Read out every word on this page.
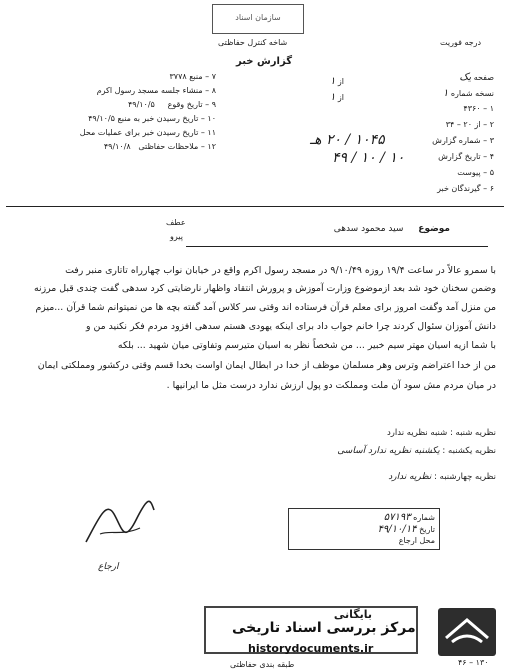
سازمان اسناد
شاخه کنترل حفاظتی
گزارش خبر
درجه فوریت
صفحه یک
نسخه شماره ۱
۱ – ۴۳۶۰
۲ – از ۲۰ – ۳۴
۳ – شماره گزارش
۴ – تاریخ گزارش
۵ – پیوست
۶ – گیرندگان خبر
۱۰۴۵ / ۲۰ هـ
۱۰ / ۱۰ / ۴۹
از ۱
از ۱
۷ – منبع ۳۷۷۸
۸ – منشاء جلسه مسجد رسول اکرم
۹ – تاریخ وقوع     ۴۹/۱۰/۵
۱۰ – تاریخ رسیدن خبر به منبع ۴۹/۱۰/۵
۱۱ – تاریخ رسیدن خبر برای عملیات محل
۱۲ – ملاحظات حفاظتی   ۴۹/۱۰/۸
موضوع سید محمود سدهی
عطف
پیرو
با سمرو عالاً در ساعت ۱۹/۴ روزه ۹/۱۰/۴۹ در مسجد رسول اکرم واقع در خیابان نواب چهارراه تاتاری منبر رفت
وضمن سخنان خود شد بعد ازموضوع وزارت آموزش و پرورش انتقاد واظهار نارضایتی کرد سدهی گفت چندی قبل مرزنه
من منزل آمد وگفت امروز برای معلم قرآن فرستاده اند وقتی سر کلاس آمد گفته بچه ها من نمیتوانم شما قرآن ...میزم
دانش آموزان سئوال کردند چرا خانم جواب داد برای اینکه یهودی هستم سدهی افزود مردم فکر نکنید من و
با شما ازیه اسیان مهتر سیم خبیر ... من شخصاً نظر به اسیان متیرسم وتفاوتی میان شهید ... بلکه
من از خدا اعتراضم وترس وهر مسلمان موظف از خدا در ابطال ایمان اواست بخدا قسم وقتی درکشور ومملکتی ایمان
در میان مردم مش سود آن ملت ومملکت دو پول ارزش ندارد درست مثل ما ایرانیها .
نظریه شنبه : شنبه نظریه ندارد
نظریه یکشنبه : یکشنبه نظریه ندارد آساسی
نظریه چهارشنبه : نظریه ندارد
شماره ۵۷۱۹۳
تاریخ ۴۹/۱۰/۱۴
محل ارجاع
ارجاع
بایگانی
مرکز بررسی اسناد تاریخی
historydocuments.ir
۴۶ – ۱۳۰
طبقه بندی حفاظتی
